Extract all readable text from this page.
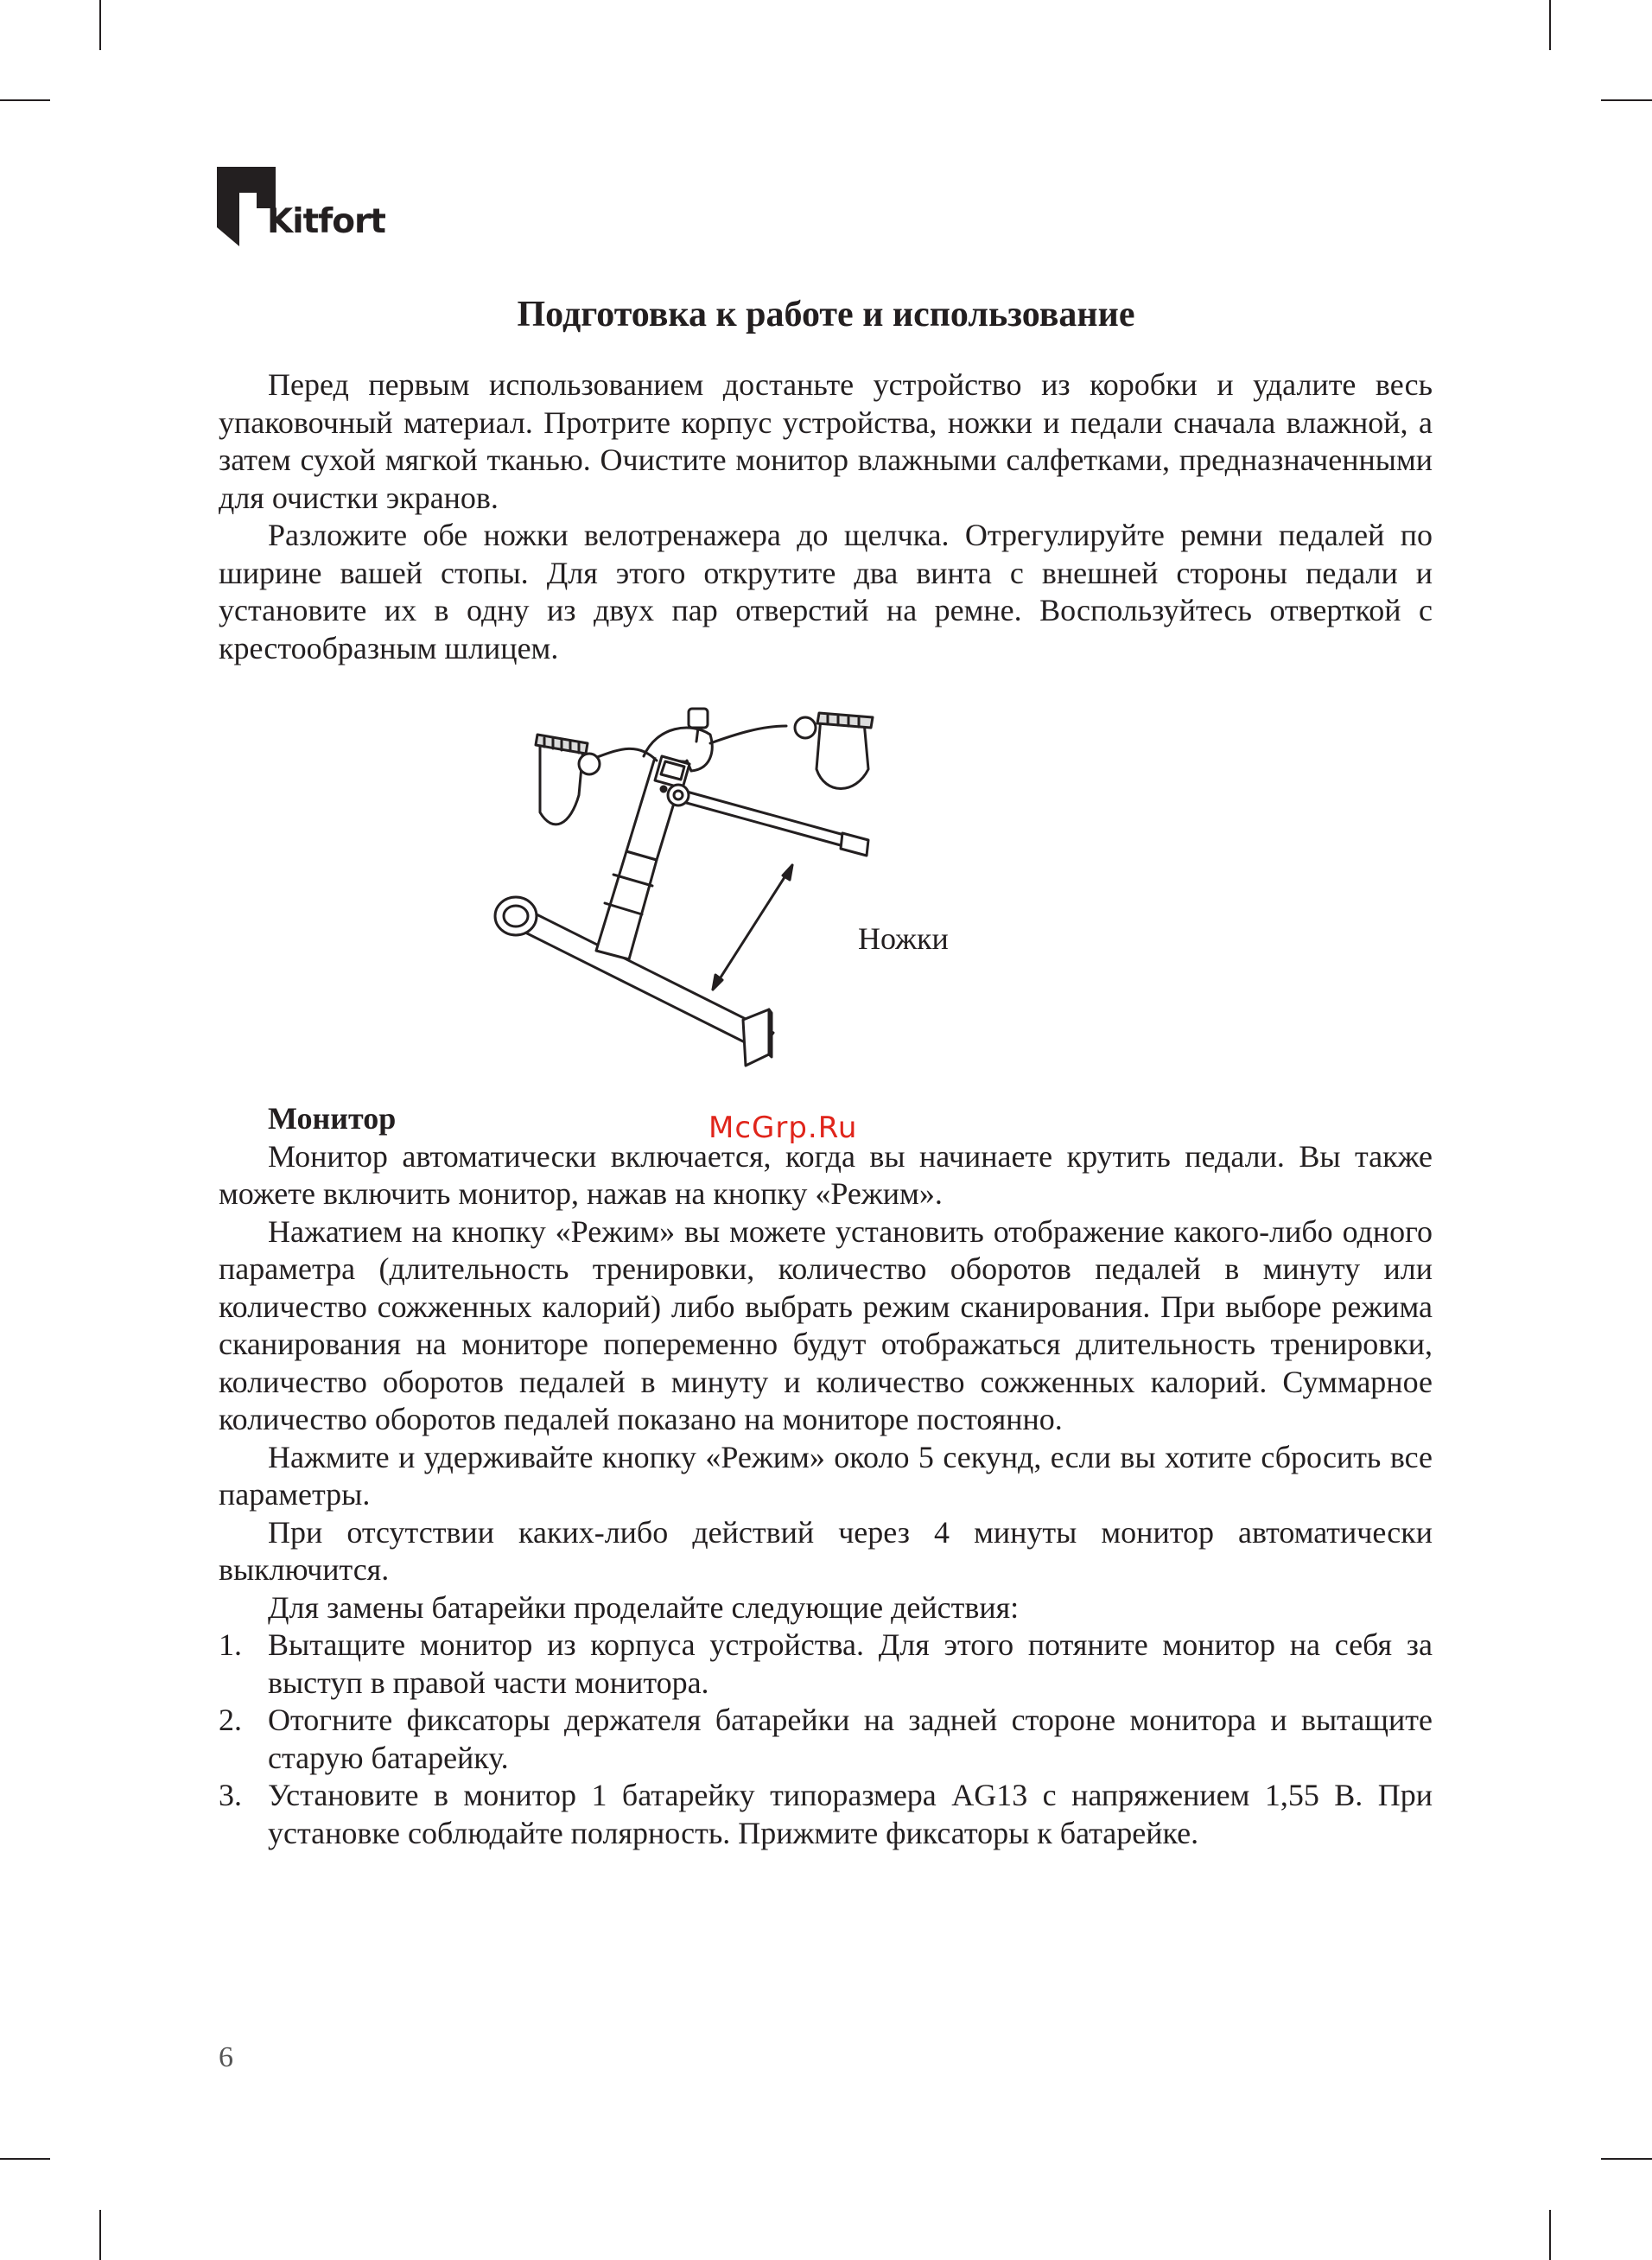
Kitfort
Подготовка к работе и использование

Перед первым использованием достаньте устройство из коробки и удалите весь упаковочный материал. Протрите корпус устройства, ножки и педали сначала влажной, а затем сухой мягкой тканью. Очистите монитор влажными салфетками, предназначенными для очистки экранов.

Разложите обе ножки велотренажера до щелчка. Отрегулируйте ремни педалей по ширине вашей стопы. Для этого открутите два винта с внешней стороны педали и установите их в одну из двух пар отверстий на ремне. Воспользуйтесь отверткой с крестообразным шлицем.

Ножки
McGrp.Ru

Монитор

Монитор автоматически включается, когда вы начинаете крутить педали. Вы также можете включить монитор, нажав на кнопку «Режим».

Нажатием на кнопку «Режим» вы можете установить отображение какого-либо одного параметра (длительность тренировки, количество оборотов педалей в минуту или количество сожженных калорий) либо выбрать режим сканирования. При выборе режима сканирования на мониторе попеременно будут отображаться длительность тренировки, количество оборотов педалей в минуту и количество сожженных калорий. Суммарное количество оборотов педалей показано на мониторе постоянно.

Нажмите и удерживайте кнопку «Режим» около 5 секунд, если вы хотите сбросить все параметры.

При отсутствии каких-либо действий через 4 минуты монитор автоматически выключится.

Для замены батарейки проделайте следующие действия:

1. Вытащите монитор из корпуса устройства. Для этого потяните монитор на себя за выступ в правой части монитора.
2. Отогните фиксаторы держателя батарейки на задней стороне монитора и вытащите старую батарейку.
3. Установите в монитор 1 батарейку типоразмера AG13 с напряжением 1,55 В. При установке соблюдайте полярность. Прижмите фиксаторы к батарейке.
6
